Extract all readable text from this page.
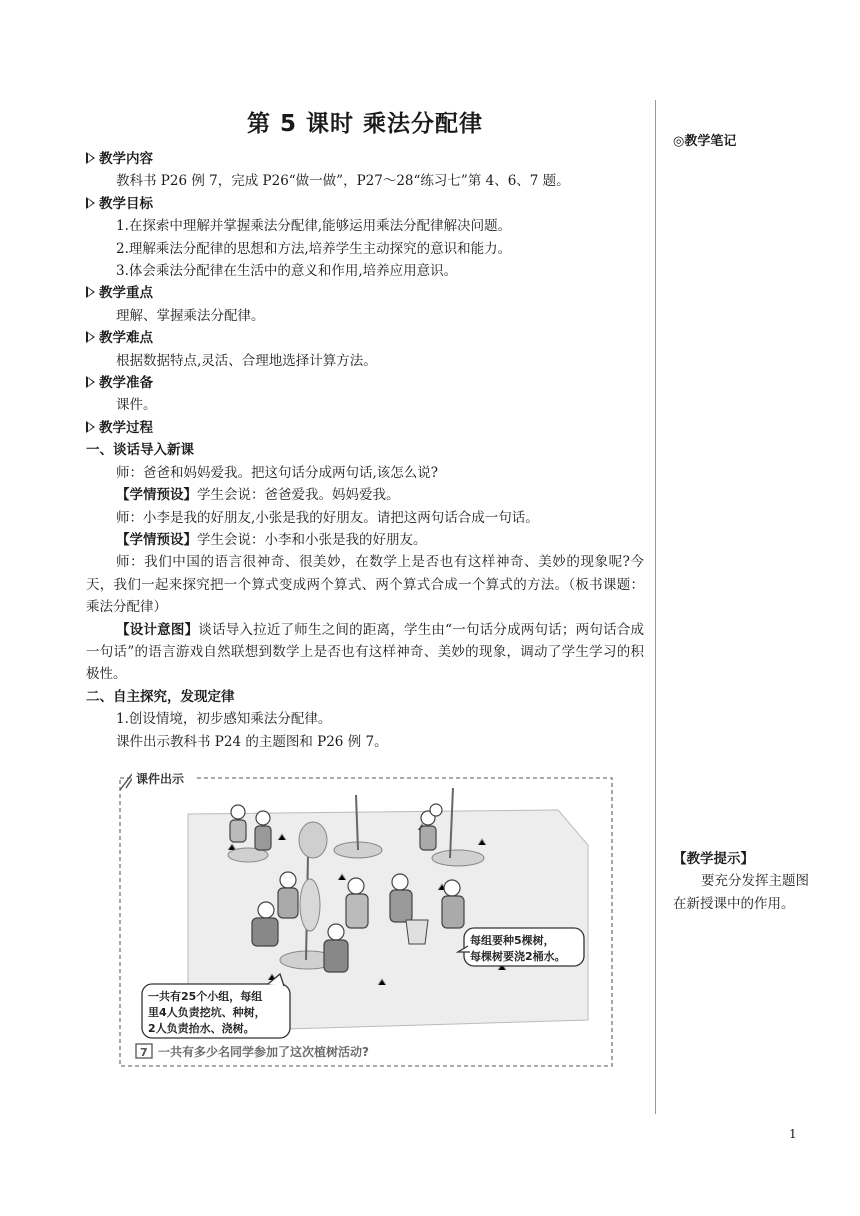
第 5 课时 乘法分配律
教学内容
教科书 P26 例 7，完成 P26“做一做”，P27～28“练习七”第 4、6、7 题。
教学目标
1.在探索中理解并掌握乘法分配律,能够运用乘法分配律解决问题。
2.理解乘法分配律的思想和方法,培养学生主动探究的意识和能力。
3.体会乘法分配律在生活中的意义和作用,培养应用意识。
教学重点
理解、掌握乘法分配律。
教学难点
根据数据特点,灵活、合理地选择计算方法。
教学准备
课件。
教学过程
一、谈话导入新课
师：爸爸和妈妈爱我。把这句话分成两句话,该怎么说?
【学情预设】学生会说：爸爸爱我。妈妈爱我。
师：小李是我的好朋友,小张是我的好朋友。请把这两句话合成一句话。
【学情预设】学生会说：小李和小张是我的好朋友。
师：我们中国的语言很神奇、很美妙，在数学上是否也有这样神奇、美妙的现象呢?今天，我们一起来探究把一个算式变成两个算式、两个算式合成一个算式的方法。（板书课题：乘法分配律）
【设计意图】谈话导入拉近了师生之间的距离，学生由“一句话分成两句话；两句话合成一句话”的语言游戏自然联想到数学上是否也有这样神奇、美妙的现象，调动了学生学习的积极性。
二、自主探究，发现定律
1.创设情境，初步感知乘法分配律。
课件出示教科书 P24 的主题图和 P26 例 7。
课件出示
每组要种5棵树，
每棵树要浇2桶水。
一共有25个小组，每组
里4人负责挖坑、种树，
2人负责抬水、浇树。
7 一共有多少名同学参加了这次植树活动?
◎教学笔记
【教学提示】
要充分发挥主题图在新授课中的作用。
1
